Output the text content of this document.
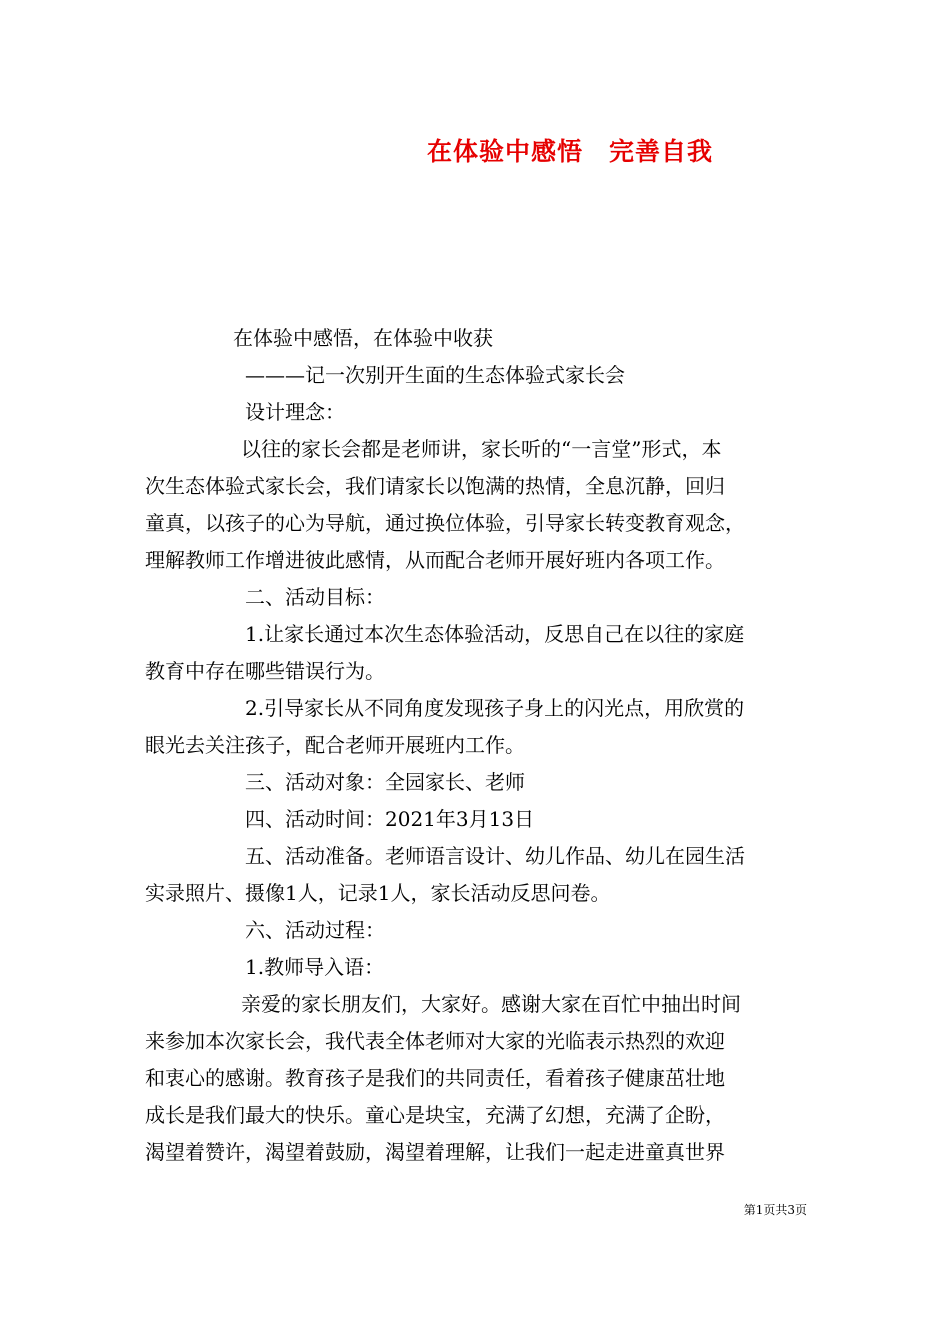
在体验中感悟　完善自我
在体验中感悟，在体验中收获
———记一次别开生面的生态体验式家长会
设计理念：
以往的家长会都是老师讲，家长听的“一言堂”形式，本
次生态体验式家长会，我们请家长以饱满的热情，全息沉静，回归
童真，以孩子的心为导航，通过换位体验，引导家长转变教育观念，
理解教师工作增进彼此感情，从而配合老师开展好班内各项工作。
二、活动目标：
1.让家长通过本次生态体验活动，反思自己在以往的家庭
教育中存在哪些错误行为。
2.引导家长从不同角度发现孩子身上的闪光点，用欣赏的
眼光去关注孩子，配合老师开展班内工作。
三、活动对象：全园家长、老师
四、活动时间：2021年3月13日
五、活动准备。老师语言设计、幼儿作品、幼儿在园生活
实录照片、摄像1人，记录1人，家长活动反思问卷。
六、活动过程：
1.教师导入语：
亲爱的家长朋友们，大家好。感谢大家在百忙中抽出时间
来参加本次家长会，我代表全体老师对大家的光临表示热烈的欢迎
和衷心的感谢。教育孩子是我们的共同责任，看着孩子健康茁壮地
成长是我们最大的快乐。童心是块宝，充满了幻想，充满了企盼，
渴望着赞许，渴望着鼓励，渴望着理解，让我们一起走进童真世界
第1页共3页
